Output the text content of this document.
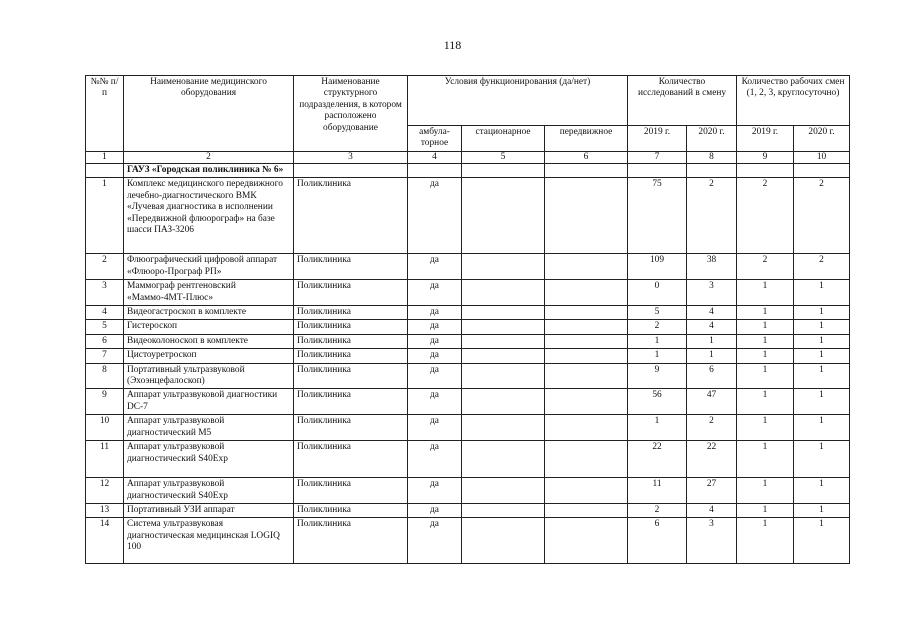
118
№№ п/п	Наименование медицинского оборудования	Наименование структурного подразделения, в котором расположено оборудование	Условия функционирования (да/нет)			Количество исследований в смену		Количество рабочих смен (1, 2, 3, круглосуточно)	
			амбула-торное	стационарное	передвижное	2019 г.	2020 г.	2019 г.	2020 г.
1	2	3	4	5	6	7	8	9	10
	ГАУЗ «Городская поликлиника № 6»								
1	Комплекс медицинского передвижного лечебно-диагностического ВМК «Лучевая диагностика в исполнении «Передвижной флюорограф» на базе шасси ПАЗ-3206	Поликлиника	да			75	2	2	2
2	Флюографический цифровой аппарат «Флюоро-Програф РП»	Поликлиника	да			109	38	2	2
3	Маммограф рентгеновский «Маммо-4МТ-Плюс»	Поликлиника	да			0	3	1	1
4	Видеогастроскоп в комплекте	Поликлиника	да			5	4	1	1
5	Гистероскоп	Поликлиника	да			2	4	1	1
6	Видеоколоноскоп в комплекте	Поликлиника	да			1	1	1	1
7	Цистоуретроскоп	Поликлиника	да			1	1	1	1
8	Портативный ультразвуковой (Эхоэнцефалоскоп)	Поликлиника	да			9	6	1	1
9	Аппарат ультразвуковой диагностики DC-7	Поликлиника	да			56	47	1	1
10	Аппарат ультразвуковой диагностический М5	Поликлиника	да			1	2	1	1
11	Аппарат ультразвуковой диагностический S40Exp	Поликлиника	да			22	22	1	1
12	Аппарат ультразвуковой диагностический S40Exp	Поликлиника	да			11	27	1	1
13	Портативный УЗИ аппарат	Поликлиника	да			2	4	1	1
14	Система ультразвуковая диагностическая медицинская LOGIQ 100	Поликлиника	да			6	3	1	1
